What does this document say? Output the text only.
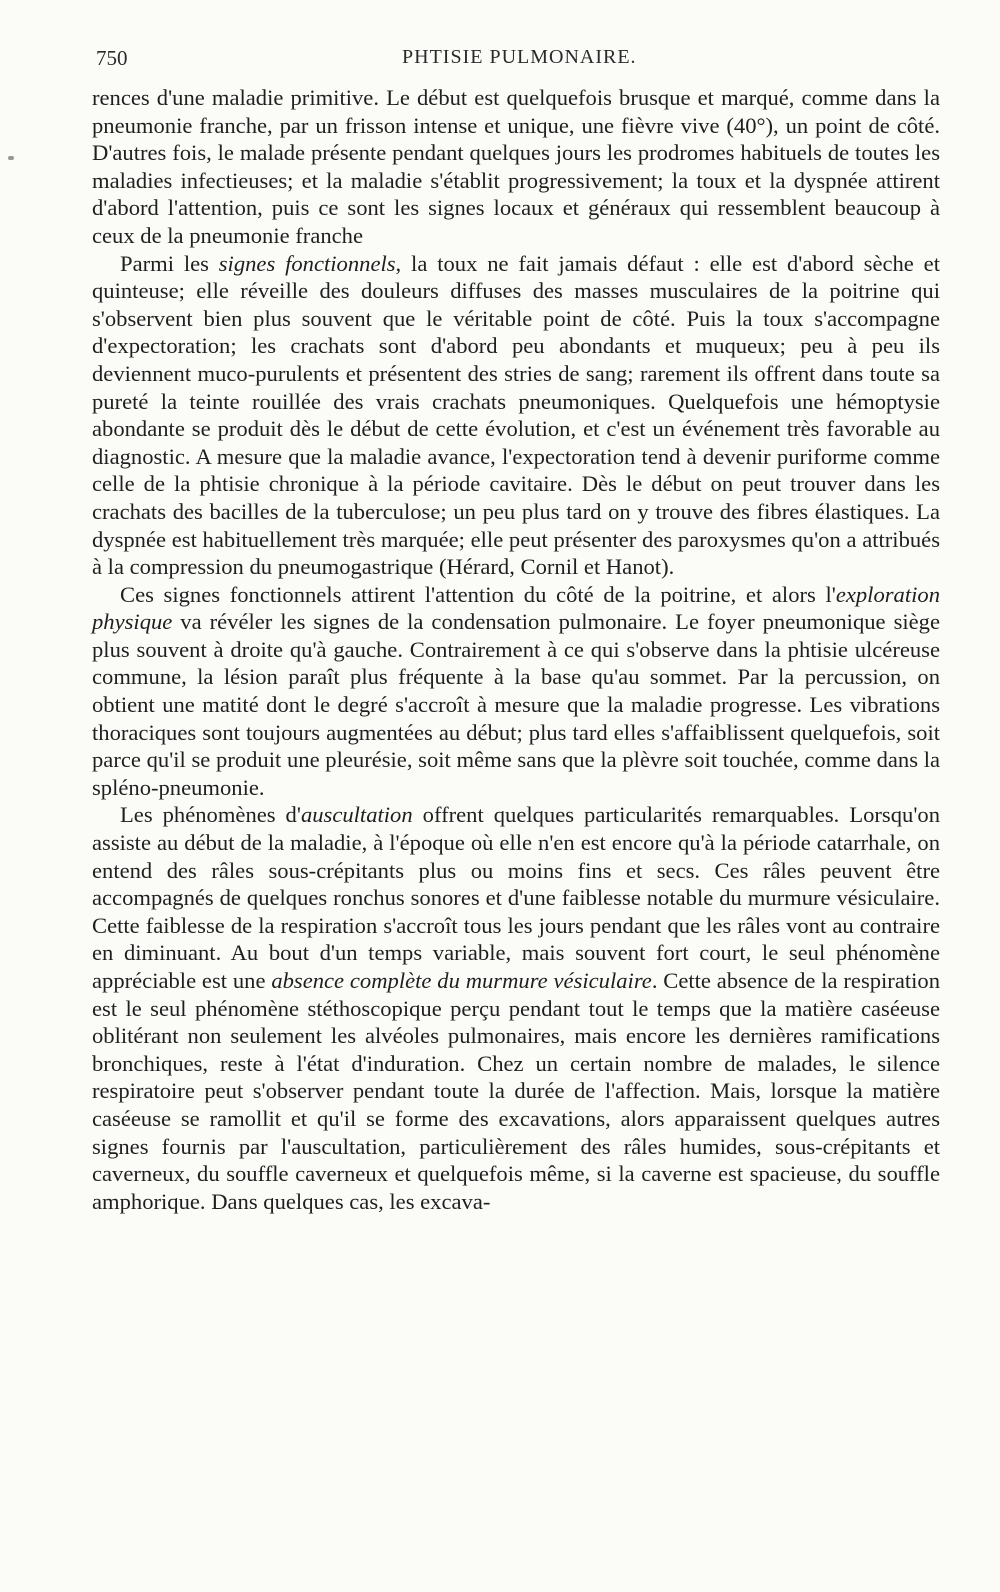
750	PHTISIE PULMONAIRE.

rences d'une maladie primitive. Le début est quelquefois brusque et marqué, comme dans la pneumonie franche, par un frisson intense et unique, une fièvre vive (40°), un point de côté. D'autres fois, le malade présente pendant quelques jours les prodromes habituels de toutes les maladies infectieuses; et la maladie s'établit progressivement; la toux et la dyspnée attirent d'abord l'attention, puis ce sont les signes locaux et généraux qui ressemblent beaucoup à ceux de la pneumonie franche

Parmi les signes fonctionnels, la toux ne fait jamais défaut : elle est d'abord sèche et quinteuse; elle réveille des douleurs diffuses des masses musculaires de la poitrine qui s'observent bien plus souvent que le véritable point de côté. Puis la toux s'accompagne d'expectoration; les crachats sont d'abord peu abondants et muqueux; peu à peu ils deviennent muco-purulents et présentent des stries de sang; rarement ils offrent dans toute sa pureté la teinte rouillée des vrais crachats pneumoniques. Quelquefois une hémoptysie abondante se produit dès le début de cette évolution, et c'est un événement très favorable au diagnostic. A mesure que la maladie avance, l'expectoration tend à devenir puriforme comme celle de la phtisie chronique à la période cavitaire. Dès le début on peut trouver dans les crachats des bacilles de la tuberculose; un peu plus tard on y trouve des fibres élastiques. La dyspnée est habituellement très marquée; elle peut présenter des paroxysmes qu'on a attribués à la compression du pneumogastrique (Hérard, Cornil et Hanot).

Ces signes fonctionnels attirent l'attention du côté de la poitrine, et alors l'exploration physique va révéler les signes de la condensation pulmonaire. Le foyer pneumonique siège plus souvent à droite qu'à gauche. Contrairement à ce qui s'observe dans la phtisie ulcéreuse commune, la lésion paraît plus fréquente à la base qu'au sommet. Par la percussion, on obtient une matité dont le degré s'accroît à mesure que la maladie progresse. Les vibrations thoraciques sont toujours augmentées au début; plus tard elles s'affaiblissent quelquefois, soit parce qu'il se produit une pleurésie, soit même sans que la plèvre soit touchée, comme dans la spléno-pneumonie.

Les phénomènes d'auscultation offrent quelques particularités remarquables. Lorsqu'on assiste au début de la maladie, à l'époque où elle n'en est encore qu'à la période catarrhale, on entend des râles sous-crépitants plus ou moins fins et secs. Ces râles peuvent être accompagnés de quelques ronchus sonores et d'une faiblesse notable du murmure vésiculaire. Cette faiblesse de la respiration s'accroît tous les jours pendant que les râles vont au contraire en diminuant. Au bout d'un temps variable, mais souvent fort court, le seul phénomène appréciable est une absence complète du murmure vésiculaire. Cette absence de la respiration est le seul phénomène stéthoscopique perçu pendant tout le temps que la matière caséeuse oblitérant non seulement les alvéoles pulmonaires, mais encore les dernières ramifications bronchiques, reste à l'état d'induration. Chez un certain nombre de malades, le silence respiratoire peut s'observer pendant toute la durée de l'affection. Mais, lorsque la matière caséeuse se ramollit et qu'il se forme des excavations, alors apparaissent quelques autres signes fournis par l'auscultation, particulièrement des râles humides, sous-crépitants et caverneux, du souffle caverneux et quelquefois même, si la caverne est spacieuse, du souffle amphorique. Dans quelques cas, les excava-
